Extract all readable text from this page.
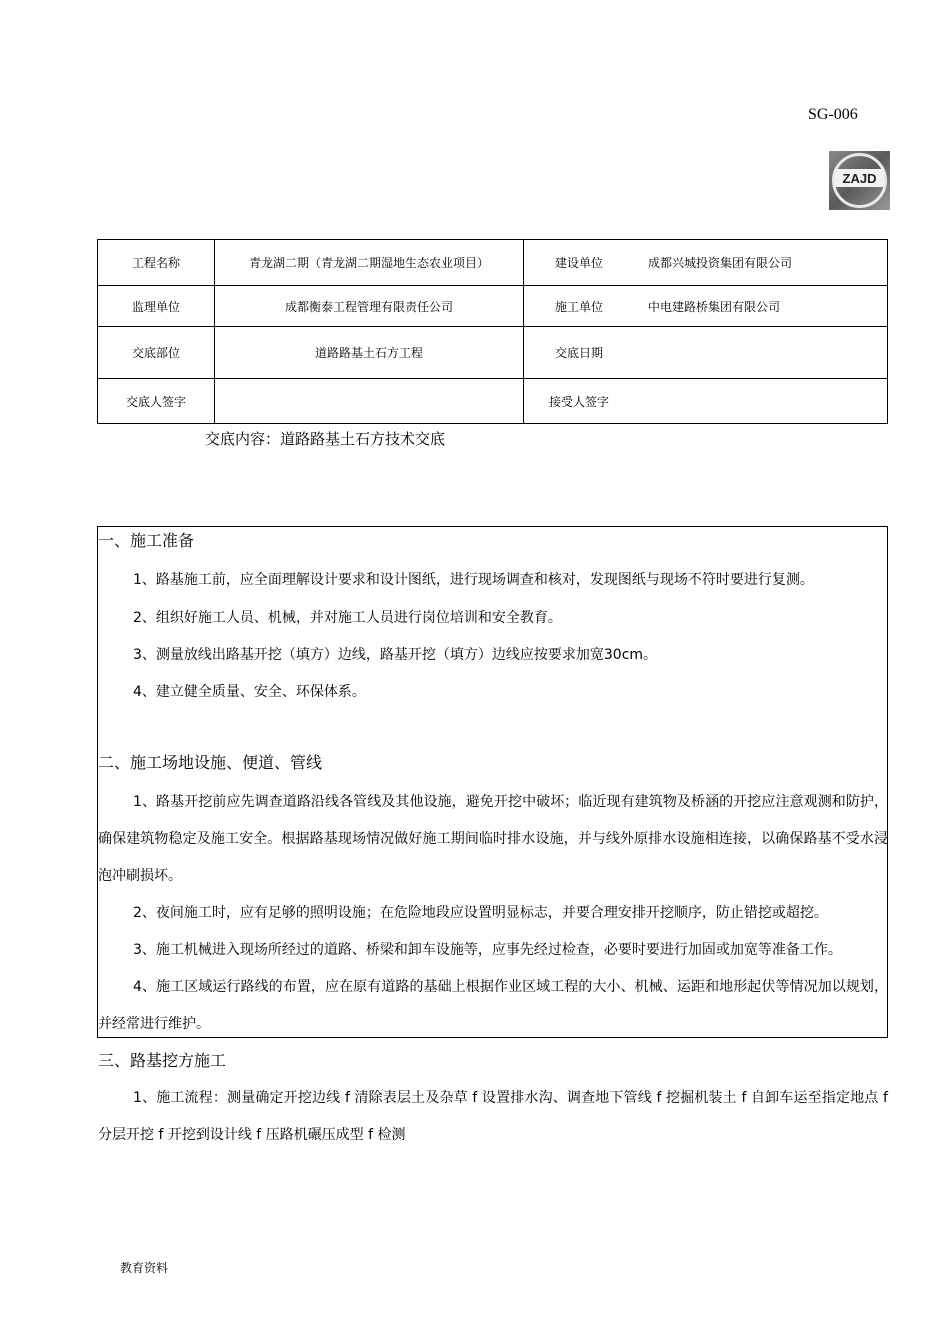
SG-006
ZAJD
工程名称	青龙湖二期（青龙湖二期湿地生态农业项目）	建设单位	成都兴城投资集团有限公司
监理单位	成都衡泰工程管理有限责任公司	施工单位	中电建路桥集团有限公司
交底部位	道路路基土石方工程	交底日期	
交底人签字		接受人签字	
交底内容：道路路基土石方技术交底
一、施工准备

1、路基施工前，应全面理解设计要求和设计图纸，进行现场调查和核对，发现图纸与现场不符时要进行复测。

2、组织好施工人员、机械，并对施工人员进行岗位培训和安全教育。

3、测量放线出路基开挖（填方）边线，路基开挖（填方）边线应按要求加宽30cm。

4、建立健全质量、安全、环保体系。

二、施工场地设施、便道、管线

1、路基开挖前应先调查道路沿线各管线及其他设施，避免开挖中破坏；临近现有建筑物及桥涵的开挖应注意观测和防护，确保建筑物稳定及施工安全。根据路基现场情况做好施工期间临时排水设施，并与线外原排水设施相连接，以确保路基不受水浸泡冲刷损坏。

2、夜间施工时，应有足够的照明设施；在危险地段应设置明显标志，并要合理安排开挖顺序，防止错挖或超挖。

3、施工机械进入现场所经过的道路、桥梁和卸车设施等，应事先经过检查，必要时要进行加固或加宽等准备工作。

4、施工区域运行路线的布置，应在原有道路的基础上根据作业区域工程的大小、机械、运距和地形起伏等情况加以规划，并经常进行维护。

三、路基挖方施工

1、施工流程：测量确定开挖边线 f 清除表层土及杂草 f 设置排水沟、调查地下管线 f 挖掘机装土 f 自卸车运至指定地点 f 分层开挖 f 开挖到设计线 f 压路机碾压成型 f 检测

教育资料
